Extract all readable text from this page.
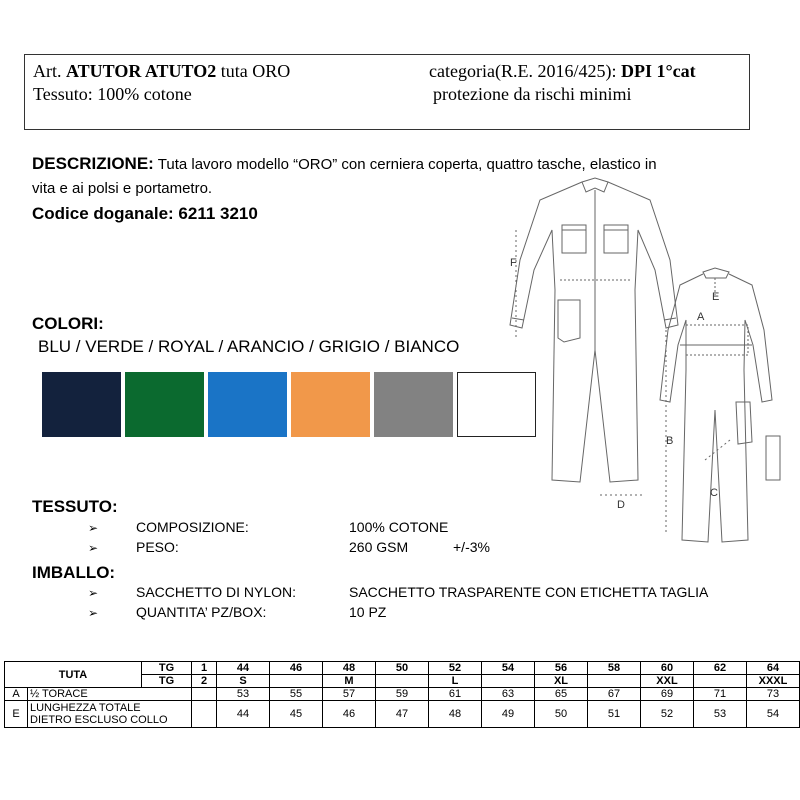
Art. ATUTOR ATUTO2 tuta ORO	categoria(R.E. 2016/425): DPI 1°cat
Tessuto: 100% cotone	protezione da rischi minimi
DESCRIZIONE: Tuta lavoro modello “ORO” con cerniera coperta, quattro tasche, elastico in
vita e ai polsi e portametro.
Codice doganale: 6211 3210
COLORI:
BLU / VERDE / ROYAL / ARANCIO / GRIGIO / BIANCO
TESSUTO:
➢	COMPOSIZIONE:	100% COTONE
➢	PESO:	260 GSM	+/-3%
IMBALLO:
➢	SACCHETTO DI NYLON:	SACCHETTO TRASPARENTE CON ETICHETTA TAGLIA
➢	QUANTITA’ PZ/BOX:	10 PZ
F
A
E
B
C
D
TUTA		TG	1	44	46	48	50	52	54	56	58	60	62	64
		TG	2	S		M		L		XL		XXL		XXXL
A	½ TORACE			53	55	57	59	61	63	65	67	69	71	73
E	LUNGHEZZA TOTALE
DIETRO ESCLUSO COLLO			44	45	46	47	48	49	50	51	52	53	54
